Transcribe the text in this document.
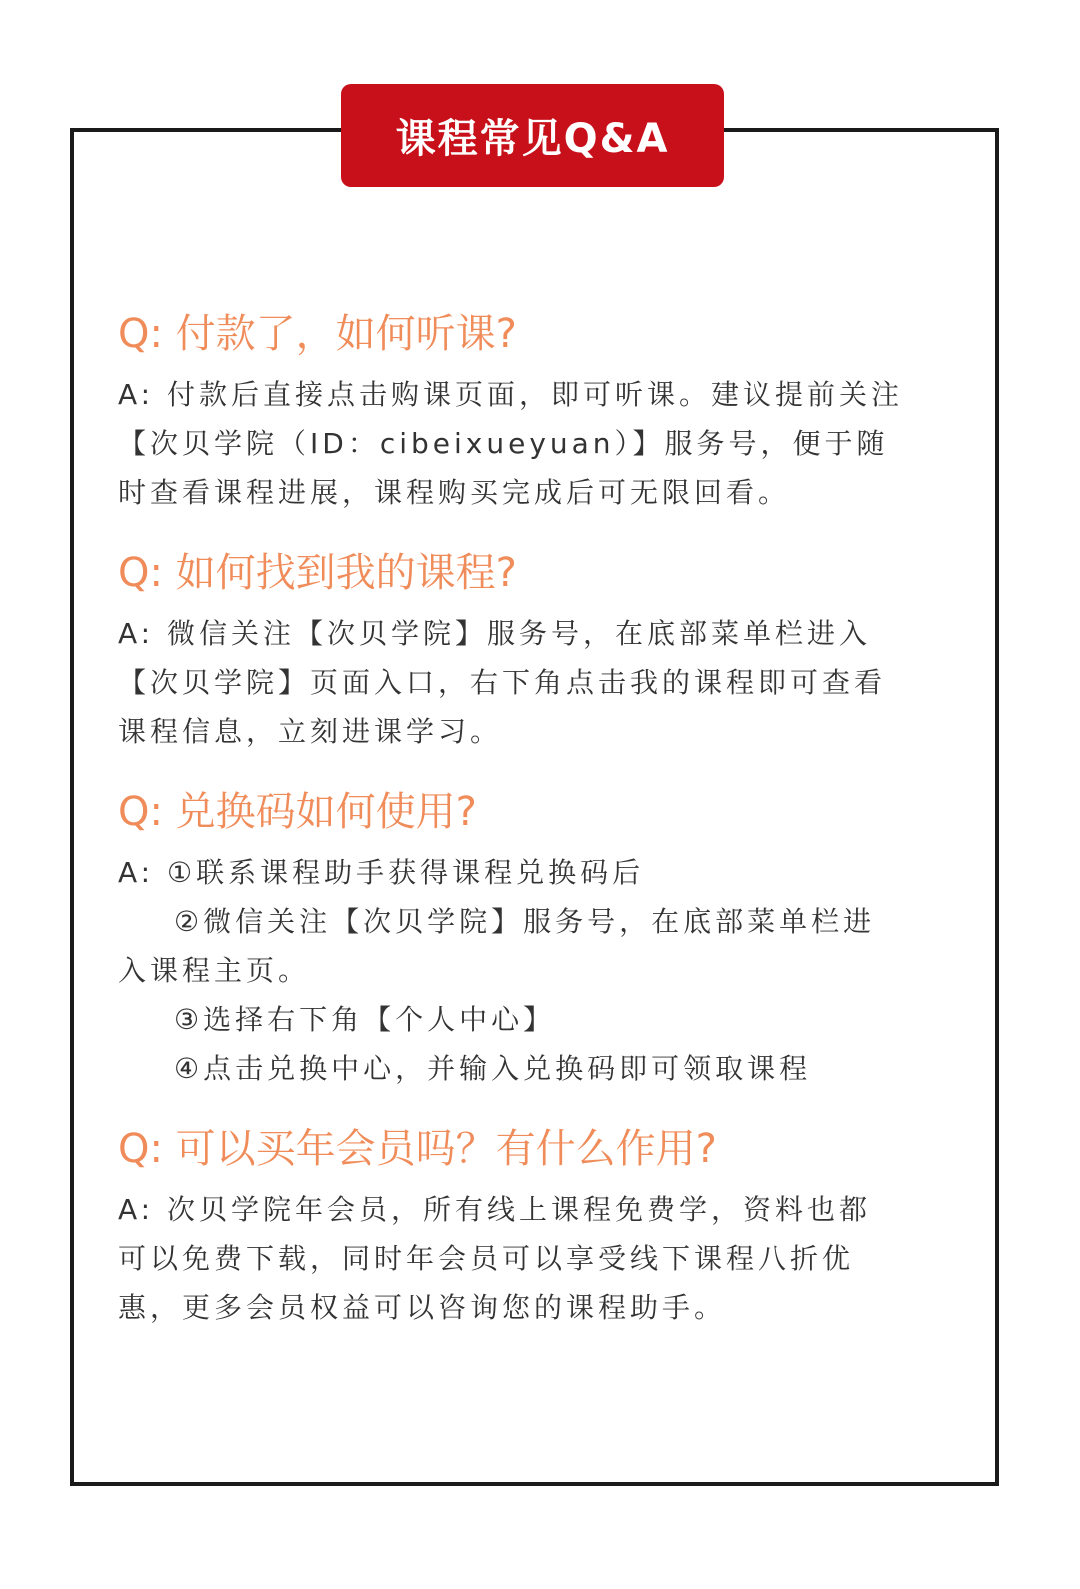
课程常见Q&A
Q: 付款了，如何听课?
A: 付款后直接点击购课页面，即可听课。建议提前关注
【次贝学院（ID：cibeixueyuan）】服务号，便于随
时查看课程进展，课程购买完成后可无限回看。
Q: 如何找到我的课程?
A: 微信关注【次贝学院】服务号，在底部菜单栏进入
【次贝学院】页面入口，右下角点击我的课程即可查看
课程信息，立刻进课学习。
Q: 兑换码如何使用?
A: ①联系课程助手获得课程兑换码后
②微信关注【次贝学院】服务号，在底部菜单栏进
入课程主页。
③选择右下角【个人中心】
④点击兑换中心，并输入兑换码即可领取课程
Q: 可以买年会员吗？有什么作用?
A: 次贝学院年会员，所有线上课程免费学，资料也都
可以免费下载，同时年会员可以享受线下课程八折优
惠，更多会员权益可以咨询您的课程助手。
